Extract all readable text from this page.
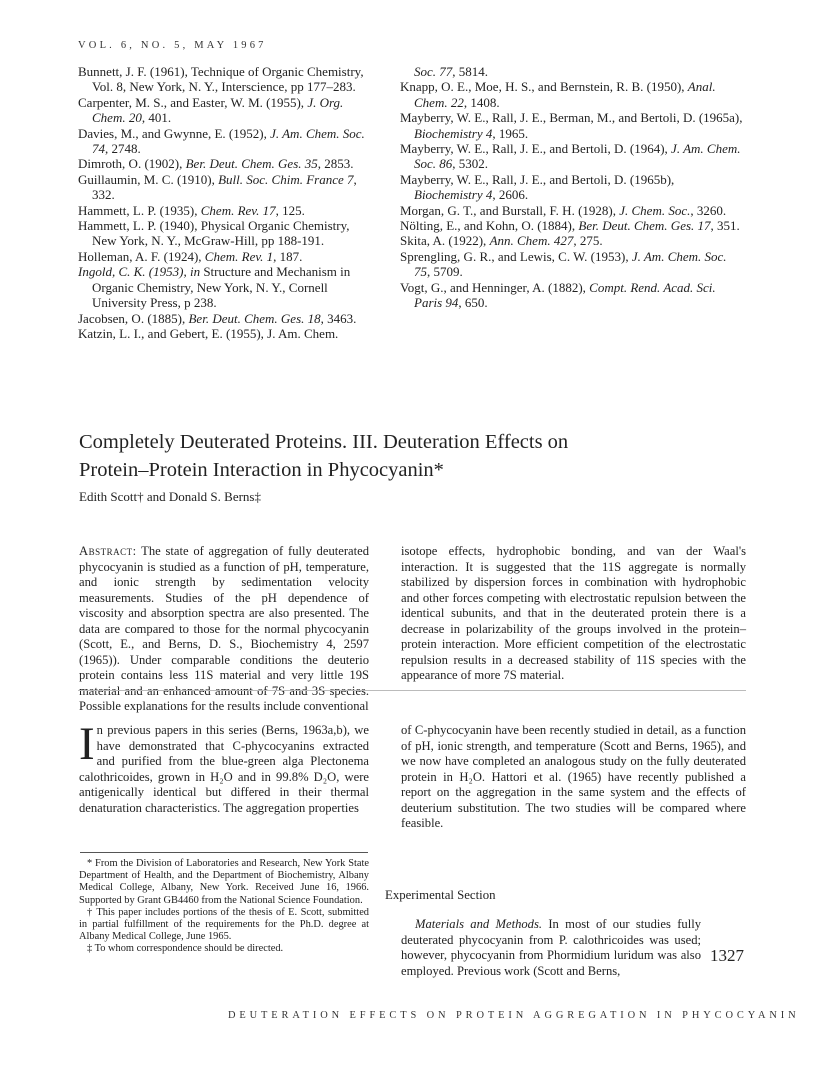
VOL. 6, NO. 5, MAY 1967

Bunnett, J. F. (1961), Technique of Organic Chemistry, Vol. 8, New York, N. Y., Interscience, pp 177–283.

Carpenter, M. S., and Easter, W. M. (1955), J. Org. Chem. 20, 401.

Davies, M., and Gwynne, E. (1952), J. Am. Chem. Soc. 74, 2748.

Dimroth, O. (1902), Ber. Deut. Chem. Ges. 35, 2853.

Guillaumin, M. C. (1910), Bull. Soc. Chim. France 7, 332.

Hammett, L. P. (1935), Chem. Rev. 17, 125.

Hammett, L. P. (1940), Physical Organic Chemistry, New York, N. Y., McGraw-Hill, pp 188-191.

Holleman, A. F. (1924), Chem. Rev. 1, 187.

Ingold, C. K. (1953), in Structure and Mechanism in Organic Chemistry, New York, N. Y., Cornell University Press, p 238.

Jacobsen, O. (1885), Ber. Deut. Chem. Ges. 18, 3463.

Katzin, L. I., and Gebert, E. (1955), J. Am. Chem.

Soc. 77, 5814.

Knapp, O. E., Moe, H. S., and Bernstein, R. B. (1950), Anal. Chem. 22, 1408.

Mayberry, W. E., Rall, J. E., Berman, M., and Bertoli, D. (1965a), Biochemistry 4, 1965.

Mayberry, W. E., Rall, J. E., and Bertoli, D. (1964), J. Am. Chem. Soc. 86, 5302.

Mayberry, W. E., Rall, J. E., and Bertoli, D. (1965b), Biochemistry 4, 2606.

Morgan, G. T., and Burstall, F. H. (1928), J. Chem. Soc., 3260.

Nölting, E., and Kohn, O. (1884), Ber. Deut. Chem. Ges. 17, 351.

Skita, A. (1922), Ann. Chem. 427, 275.

Sprengling, G. R., and Lewis, C. W. (1953), J. Am. Chem. Soc. 75, 5709.

Vogt, G., and Henninger, A. (1882), Compt. Rend. Acad. Sci. Paris 94, 650.

Completely Deuterated Proteins. III. Deuteration Effects on Protein–Protein Interaction in Phycocyanin*
Edith Scott† and Donald S. Berns‡
Abstract: The state of aggregation of fully deuterated phycocyanin is studied as a function of pH, temperature, and ionic strength by sedimentation velocity measurements. Studies of the pH dependence of viscosity and absorption spectra are also presented. The data are compared to those for the normal phycocyanin (Scott, E., and Berns, D. S., Biochemistry 4, 2597 (1965)). Under comparable conditions the deuterio protein contains less 11S material and very little 19S material and an enhanced amount of 7S and 3S species. Possible explanations for the results include conventional
isotope effects, hydrophobic bonding, and van der Waal's interaction. It is suggested that the 11S aggregate is normally stabilized by dispersion forces in combination with hydrophobic and other forces competing with electrostatic repulsion between the identical subunits, and that in the deuterated protein there is a decrease in polarizability of the groups involved in the protein–protein interaction. More efficient competition of the electrostatic repulsion results in a decreased stability of 11S species with the appearance of more 7S material.
In previous papers in this series (Berns, 1963a,b), we have demonstrated that C-phycocyanins extracted and purified from the blue-green alga Plectonema calothricoides, grown in H₂O and in 99.8% D₂O, were antigenically identical but differed in their thermal denaturation characteristics. The aggregation properties
of C-phycocyanin have been recently studied in detail, as a function of pH, ionic strength, and temperature (Scott and Berns, 1965), and we now have completed an analogous study on the fully deuterated protein in H₂O. Hattori et al. (1965) have recently published a report on the aggregation in the same system and the effects of deuterium substitution. The two studies will be compared where feasible.

* From the Division of Laboratories and Research, New York State Department of Health, and the Department of Biochemistry, Albany Medical College, Albany, New York. Received June 16, 1966. Supported by Grant GB4460 from the National Science Foundation.

† This paper includes portions of the thesis of E. Scott, submitted in partial fulfillment of the requirements for the Ph.D. degree at Albany Medical College, June 1965.

‡ To whom correspondence should be directed.

Experimental Section
Materials and Methods. In most of our studies fully deuterated phycocyanin from P. calothricoides was used; however, phycocyanin from Phormidium luridum was also employed. Previous work (Scott and Berns,
1327
DEUTERATION EFFECTS ON PROTEIN AGGREGATION IN PHYCOCYANIN
